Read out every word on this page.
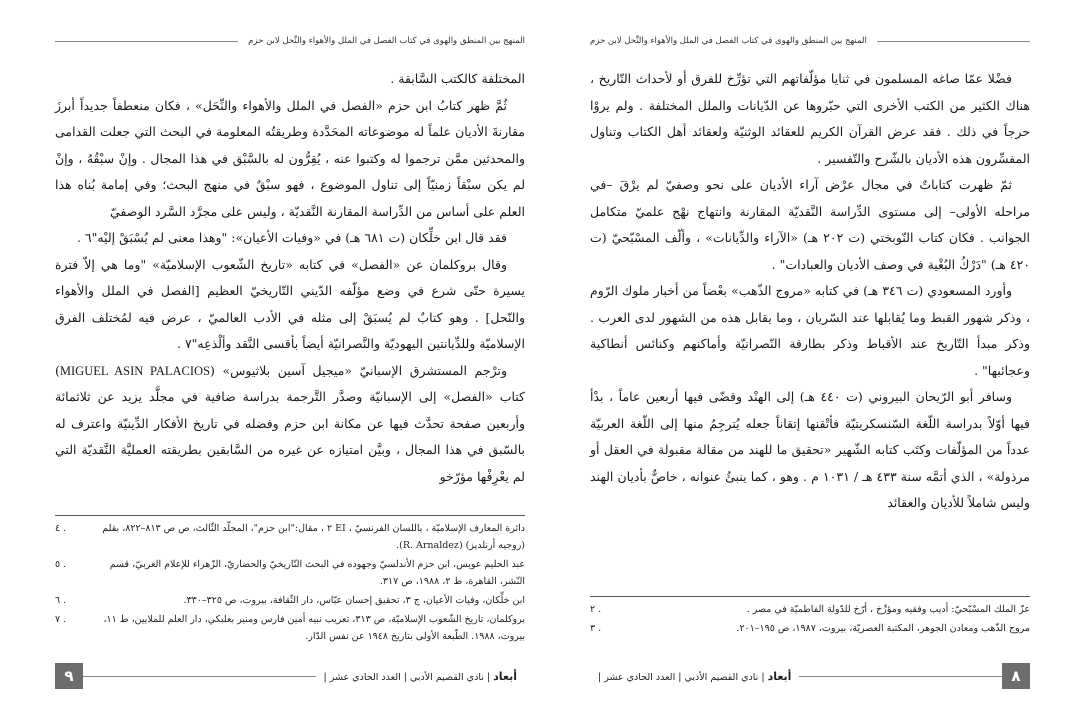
المنهج بين المنطق والهوى في كتاب الفصل في الملل والأهواء والنِّحل لابن حزم

المختلفة كالكتب السَّابقة .

ثُمَّ ظهر كتابُ ابن حزم «الفصل في الملل والأهواء والنِّحَل» ، فكان منعطفاً جديداً أبرزَ مقارنةَ الأديان علماً له موضوعاته المحَدَّدة وطريقتُه المعلومة في البحث التي جعلت القدامى والمحدثين ممَّن ترجموا له وكتبوا عنه ، يُقِرُّون له بالسَّبْق في هذا المجال . وإنْ سبْقُهُ ، وإنْ لم يكن سبْقاً زمنيّاً إلى تناول الموضوع ، فهو سبْقٌ في منهج البحث؛ وفي إمامة بُناه هذا العلم على أساس من الدِّراسة المقارنة النَّقديّة ، وليس على مجرَّد السَّرد الوصفيّ

فقد قال ابن خلِّكان (ت ٦٨١ هـ) في «وفيات الأعيان»: "وهذا معنى لم يُسْبَقْ إليْه"٦ .

وقال بروكلمان عن «الفصل» في كتابه «تاريخ الشّعوب الإسلاميّة» "وما هي إلاّ فترة يسيرة حتّى شرع في وضع مؤلّفه الدّيني التّاريخيّ العظيم [الفصل في الملل والأهواء والنّحل] . وهو كتابٌ لم يُسبَقْ إلى مثله في الأدب العالميّ ، عرض فيه لمُختلف الفرق الإسلاميّة وللدِّيانتين اليهوديّة والنَّصرانيّة أيضاً بأقسى النَّقد وألْذعِه"٧ .

وترْجم المستشرق الإسبانيّ «ميجيل آسين بلاثيوس» (MIGUEL ASIN PALACIOS) كتاب «الفصل» إلى الإسبانيّة وصدَّر التَّرجمة بدراسة ضافية في مجلَّد يزيد عن ثلاثمائة وأربعين صفحة تحدَّث فيها عن مكانة ابن حزم وفضله في تاريخ الأفكار الدِّينيّة واعترف له بالسّبق في هذا المجال ، وبيَّن امتيازه عن غيره من السَّابقين بطريقته العمليَّة النَّقديّة التي لم يعْرِفْها مؤرّخو

دائرة المعارف الإسلاميّة ، باللسان الفرنسيّ ، EI ٢ ، مقال:"ابن حزم"، المجلّد الثّالث، ص ص ٨١٣–٨٢٢، بقلم (روجيه أرنلديز) (R. Arnaldez).
٤ .
عبد الحليم عويس، ابن حزم الأندلسيّ وجهوده في البحث التّاريخيّ والحضاريّ، الزّهراء للإعلام العربيّ، قسم النّشر، القاهرة، ط ٢، ١٩٨٨، ص ٣١٧.
٥ .
ابن خلِّكان، وفيات الأعيان، ج ٣، تحقيق إحسان عبّاس، دار الثّقافة، بيروت، ص ٣٢٥–٣٣٠.
٦ .
بروكلمان، تاريخ الشّعوب الإسلاميّة، ص ٣١٣، تعريب نبيه أمين فارس ومنير بعلبكي، دار العلم للملايين، ط ١١، بيروت، ١٩٨٨. الطّبعة الأولى بتاريخ ١٩٤٨ عن نفس الدّار.
٧ .
أبعاد | نادي القصيم الأدبي | العدد الحادي عشر |
٩
المنهج بين المنطق والهوى في كتاب الفصل في الملل والأهواء والنِّحل لابن حزم

فضْلا عمّا صاغه المسلمون في ثنايا مؤلّفاتهم التي تؤرِّخ للفرق أو لأحداث التّاريخ ، هناك الكثير من الكتب الأخرى التي حبّروها عن الدّيانات والملل المختلفة . ولم يروْا حرجاً في ذلك . فقد عرض القرآن الكريم للعقائد الوثنيّة ولعقائد أهل الكتاب وتناول المفسِّرون هذه الأديان بالشّرح والتّفسير .

ثمّ ظهرت كتاباتٌ في مجال عرْض آراء الأديان على نحو وصفيّ لم يرْقَ –في مراحله الأولى– إلى مستوى الدِّراسة النَّقديّة المقارنة وانتهاج نهْج علميّ متكامل الجوانب . فكان كتاب النّوبختي (ت ٢٠٢ هـ) «الآراء والدِّيانات» ، وألّف المسْبّحيّ (ت ٤٢٠ هـ) "دَرْكُ البُغْية في وصف الأديان والعبادات" .

وأورد المسعودي (ت ٣٤٦ هـ) في كتابه «مروج الذّهب» بعْضاً من أخبار ملوك الرّوم ، وذكر شهور القبط وما يُقابلها عند السّريان ، وما يقابل هذه من الشهور لدى العرب . وذكر مبدأ التّاريخ عند الأقباط وذكر بطارقة النّصرانيّة وأماكنهم وكنائس أنطاكية وعجائبها" .

وسافر أبو الرّيحان البيروني (ت ٤٤٠ هـ) إلى الهنْد وقضّى فيها أربعين عاماً ، بدْأ فيها أوّلاً بدراسة اللّغة السّنسكريتيّة فأتْقنها إتقاناً جعله يُترجِمُ منها إلى اللّغة العربيّة عدداً من المؤلّفات وكتَب كتابه الشّهير «تحقيق ما للهند من مقالة مقبولة في العقل أو مرذولة» ، الذي أتمَّه سنة ٤٣٣ هـ / ١٠٣١ م . وهو ، كما ينبئُ عنوانه ، خاصٌّ بأديان الهند وليس شاملاً للأديان والعقائد

عزّ الملك المسْبّحيّ: أديب وفقيه ومؤرِّخ ، أرّخ للدّولة الفاطميّة في مصر .
٢ .
مروج الذّهب ومعادن الجوهر، المكتبة العصريّة، بيروت، ١٩٨٧، ص ١٩٥–٢٠١.
٣ .
٨
أبعاد | نادي القصيم الأدبي | العدد الحادي عشر |
